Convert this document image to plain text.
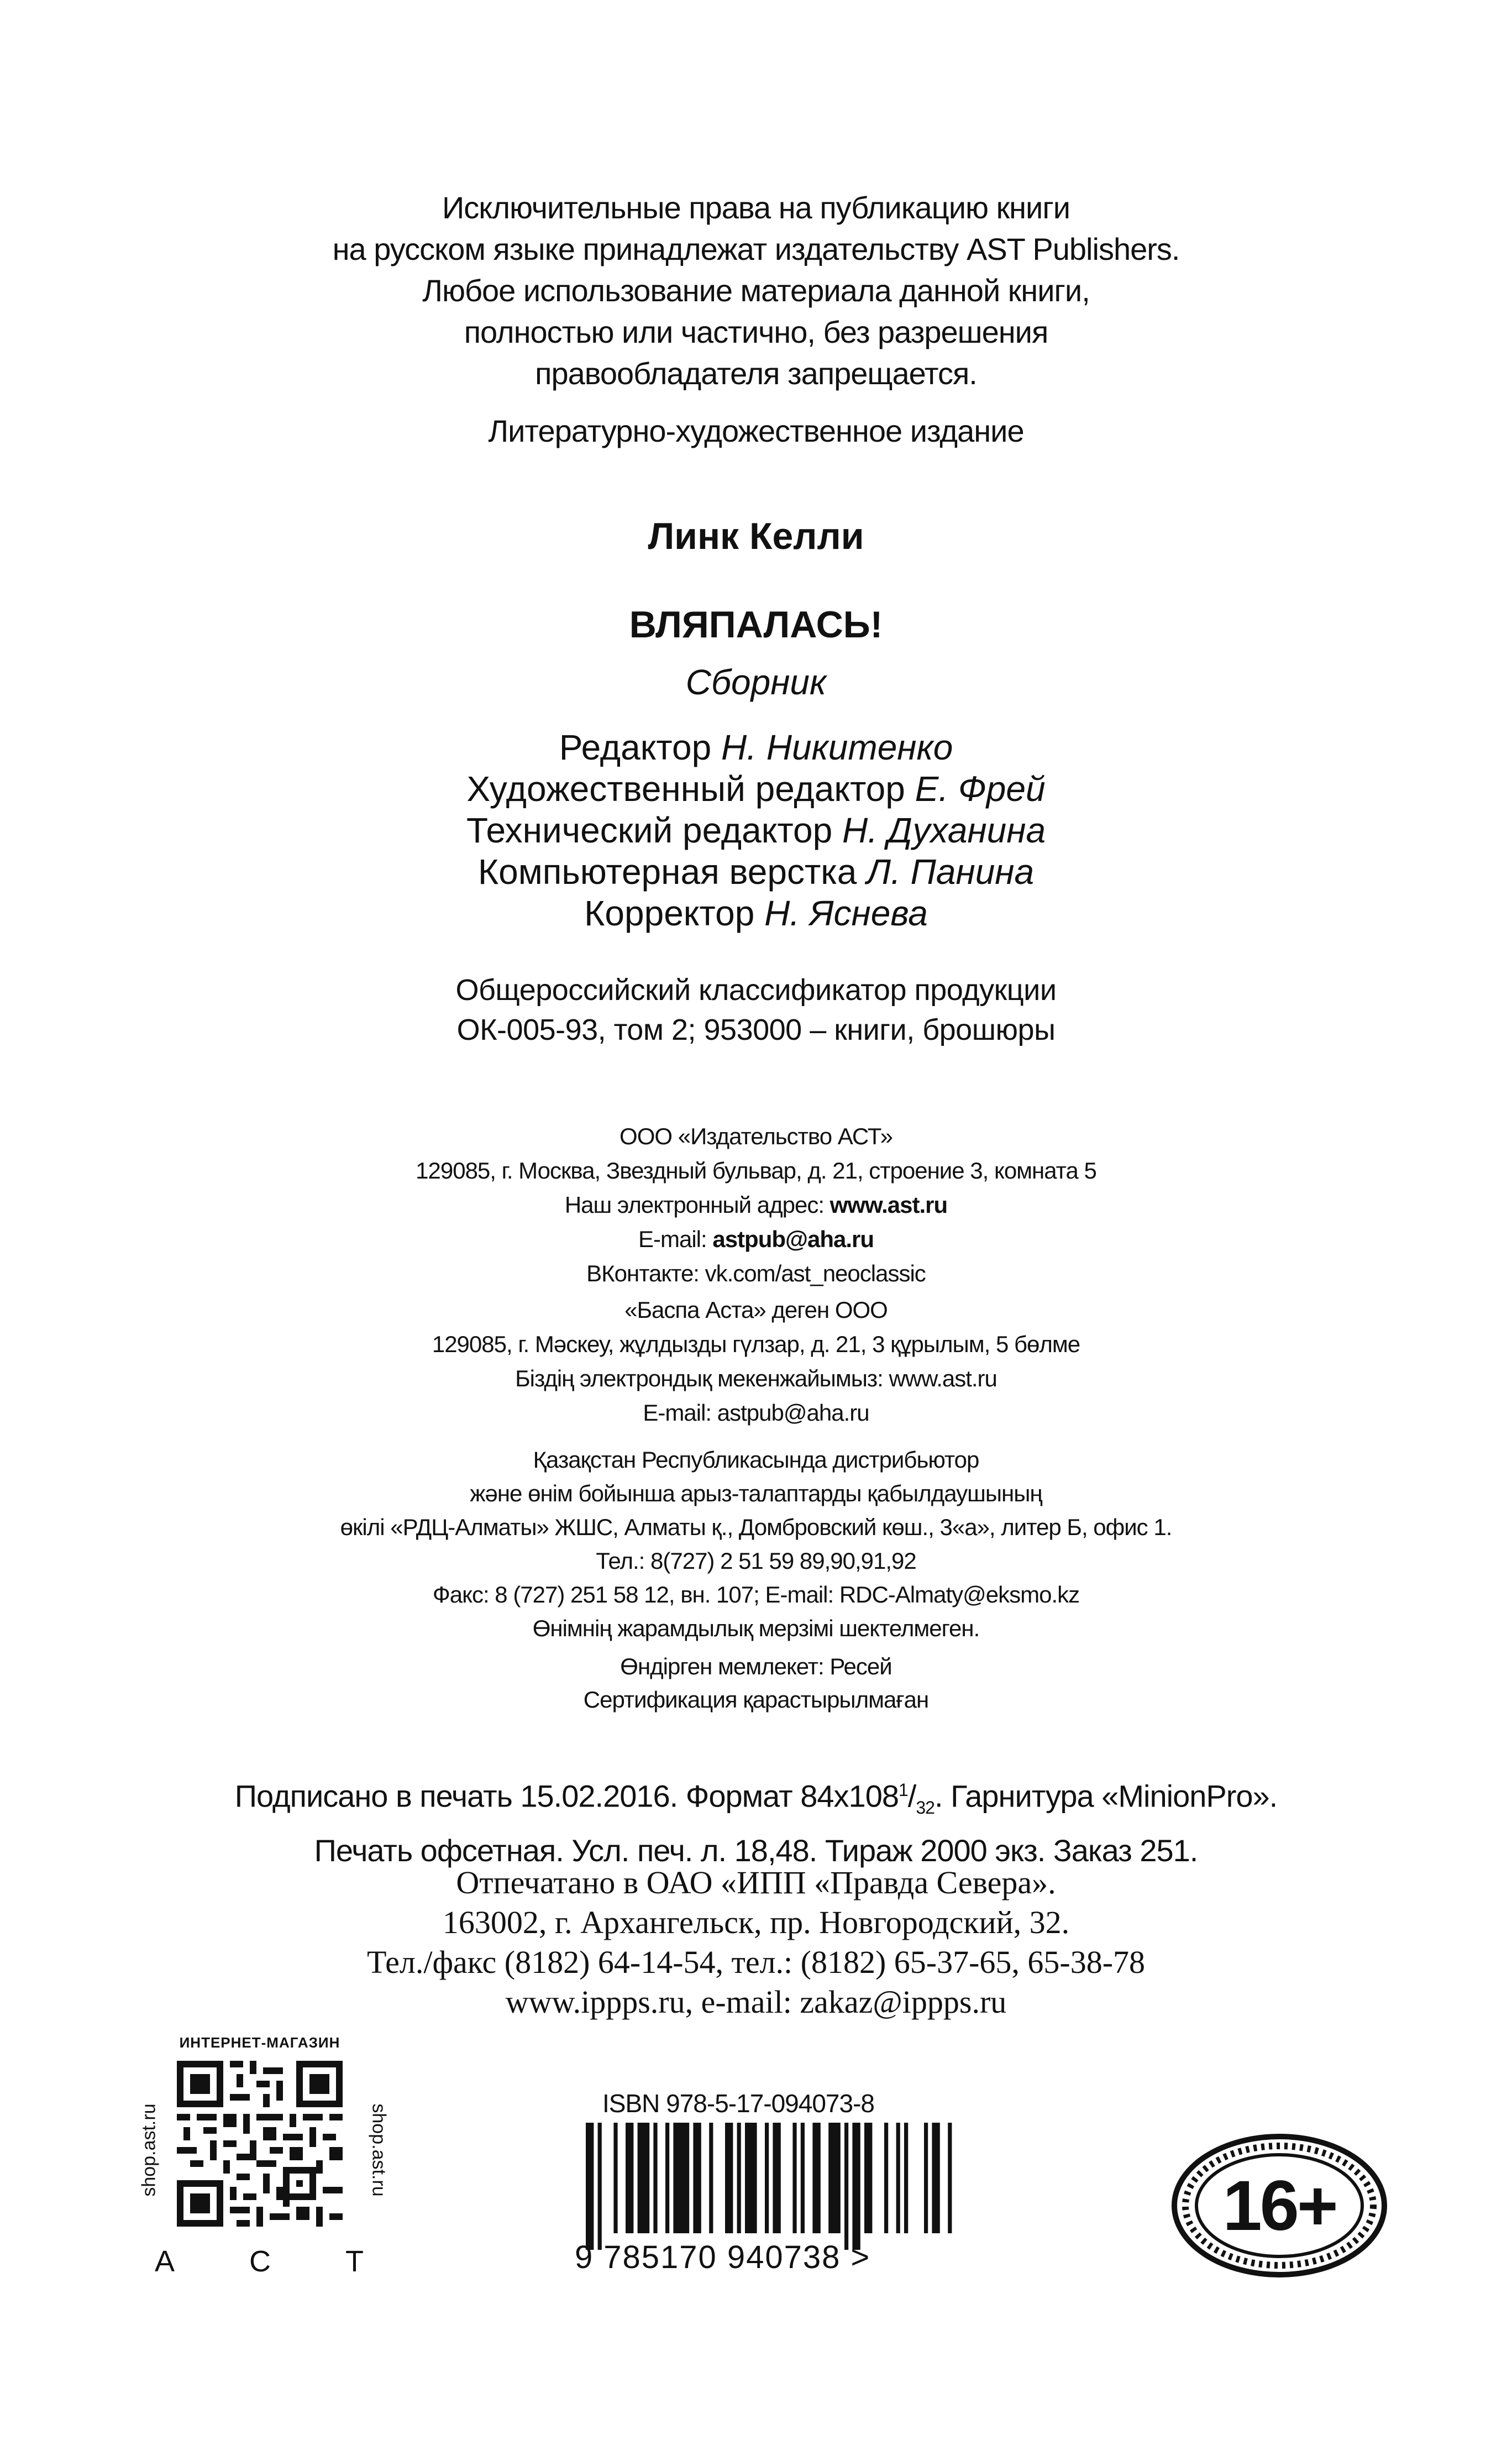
Исключительные права на публикацию книги
на русском языке принадлежат издательству AST Publishers.
Любое использование материала данной книги,
полностью или частично, без разрешения
правообладателя запрещается.
Литературно-художественное издание
Линк Келли
ВЛЯПАЛАСЬ!
Сборник
Редактор Н. Никитенко
Художественный редактор Е. Фрей
Технический редактор Н. Духанина
Компьютерная верстка Л. Панина
Корректор Н. Яснева
Общероссийский классификатор продукции
ОК-005-93, том 2; 953000 – книги, брошюры
ООО «Издательство АСТ»
129085, г. Москва, Звездный бульвар, д. 21, строение 3, комната 5
Наш электронный адрес: www.ast.ru
E-mail: astpub@aha.ru
ВКонтакте: vk.com/ast_neoclassic
«Баспа Аста» деген ООО
129085, г. Мәскеу, жұлдызды гүлзар, д. 21, 3 құрылым, 5 бөлме
Біздің электрондық мекенжайымыз: www.ast.ru
E-mail: astpub@aha.ru
Қазақстан Республикасында дистрибьютор
және өнім бойынша арыз-талаптарды қабылдаушының
өкілі «РДЦ-Алматы» ЖШС, Алматы қ., Домбровский көш., 3«а», литер Б, офис 1.
Тел.: 8(727) 2 51 59 89,90,91,92
Факс: 8 (727) 251 58 12, вн. 107; E-mail: RDC-Almaty@eksmo.kz
Өнімнің жарамдылық мерзімі шектелмеген.
Өндірген мемлекет: Ресей
Сертификация қарастырылмаған
Подписано в печать 15.02.2016. Формат $84х108^1/_{32}$. Гарнитура «MinionPro».
Печать офсетная. Усл. печ. л. 18,48. Тираж 2000 экз. Заказ 251.
Отпечатано в ОАО «ИПП «Правда Севера».
163002, г. Архангельск, пр. Новгородский, 32.
Тел./факс (8182) 64-14-54, тел.: (8182) 65-37-65, 65-38-78
www.ippps.ru, e-mail: zakaz@ippps.ru
ИНТЕРНЕТ-МАГАЗИН
shop.ast.ru	shop.ast.ru
А С Т
ISBN 978-5-17-094073-8
9 785170 940738 >
16+
